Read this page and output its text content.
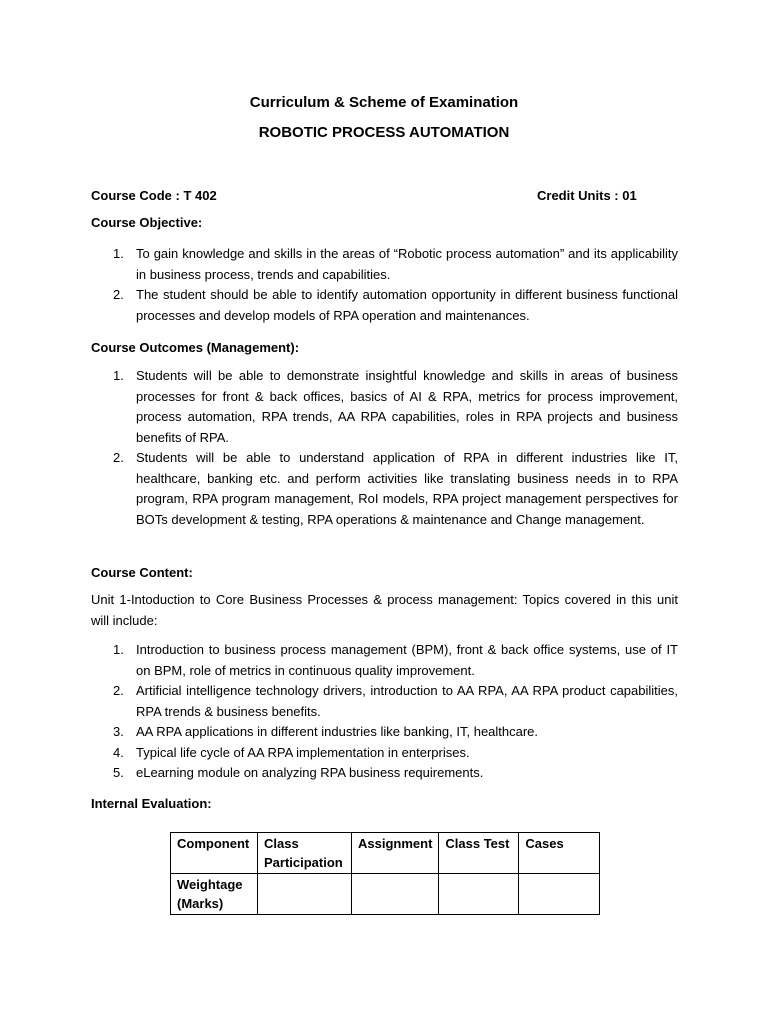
Curriculum & Scheme of Examination
ROBOTIC PROCESS AUTOMATION
Course Code : T 402	Credit Units : 01
Course Objective:
1. To gain knowledge and skills in the areas of “Robotic process automation” and its applicability in business process, trends and capabilities.
2. The student should be able to identify automation opportunity in different business functional processes and develop models of RPA operation and maintenances.
Course Outcomes (Management):
1. Students will be able to demonstrate insightful knowledge and skills in areas of business processes for front & back offices, basics of AI & RPA, metrics for process improvement, process automation, RPA trends, AA RPA capabilities, roles in RPA projects and business benefits of RPA.
2. Students will be able to understand application of RPA in different industries like IT, healthcare, banking etc. and perform activities like translating business needs in to RPA program, RPA program management, RoI models, RPA project management perspectives for BOTs development & testing, RPA operations & maintenance and Change management.
Course Content:
Unit 1-Intoduction to Core Business Processes & process management: Topics covered in this unit will include:
1. Introduction to business process management (BPM), front & back office systems, use of IT on BPM, role of metrics in continuous quality improvement.
2. Artificial intelligence technology drivers, introduction to AA RPA, AA RPA product capabilities, RPA trends & business benefits.
3. AA RPA applications in different industries like banking, IT, healthcare.
4. Typical life cycle of AA RPA implementation in enterprises.
5. eLearning module on analyzing RPA business requirements.
Internal Evaluation:
Component	Class Participation	Assignment	Class Test	Cases
Weightage (Marks)				
